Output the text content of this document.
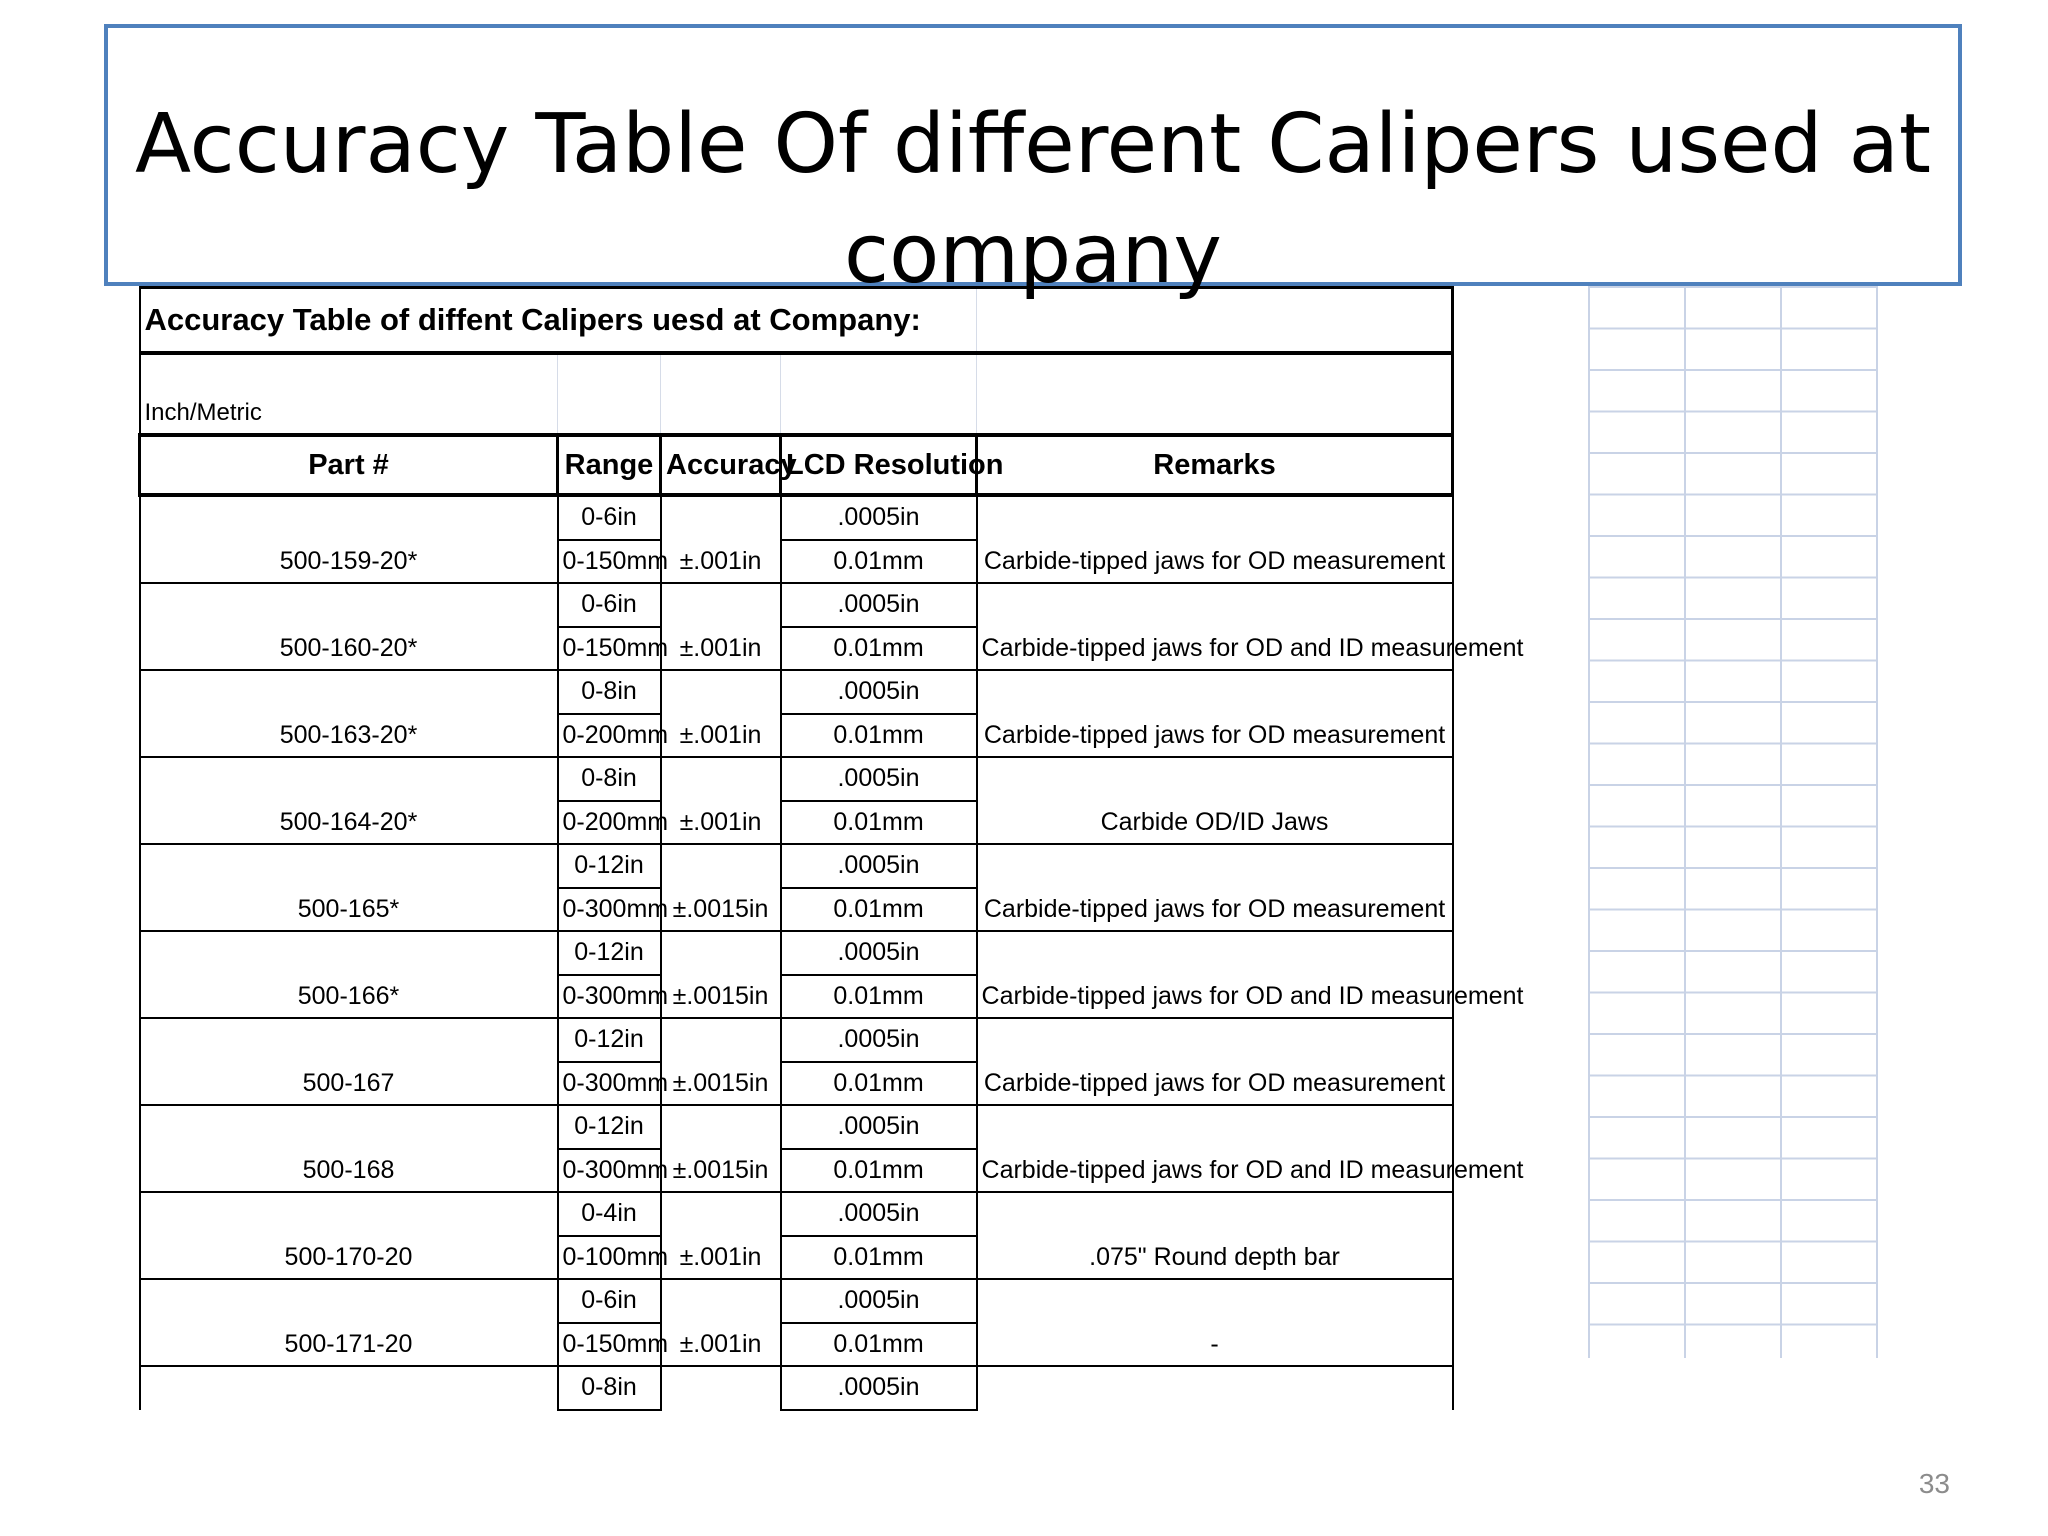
Accuracy Table Of different Calipers used at company
Accuracy Table of diffent Calipers uesd at Company:				
Inch/Metric				
Part #	Range	Accuracy	LCD Resolution	Remarks
500-159-20*	0-6in	±.001in	.0005in	Carbide-tipped jaws for OD measurement
	0-150mm		0.01mm	
500-160-20*	0-6in	±.001in	.0005in	Carbide-tipped jaws for OD and ID measurement
	0-150mm		0.01mm	
500-163-20*	0-8in	±.001in	.0005in	Carbide-tipped jaws for OD measurement
	0-200mm		0.01mm	
500-164-20*	0-8in	±.001in	.0005in	Carbide OD/ID Jaws
	0-200mm		0.01mm	
500-165*	0-12in	±.0015in	.0005in	Carbide-tipped jaws for OD measurement
	0-300mm		0.01mm	
500-166*	0-12in	±.0015in	.0005in	Carbide-tipped jaws for OD and ID measurement
	0-300mm		0.01mm	
500-167	0-12in	±.0015in	.0005in	Carbide-tipped jaws for OD measurement
	0-300mm		0.01mm	
500-168	0-12in	±.0015in	.0005in	Carbide-tipped jaws for OD and ID measurement
	0-300mm		0.01mm	
500-170-20	0-4in	±.001in	.0005in	.075" Round depth bar
	0-100mm		0.01mm	
500-171-20	0-6in	±.001in	.0005in	-
	0-150mm		0.01mm	
	0-8in		.0005in	
33
